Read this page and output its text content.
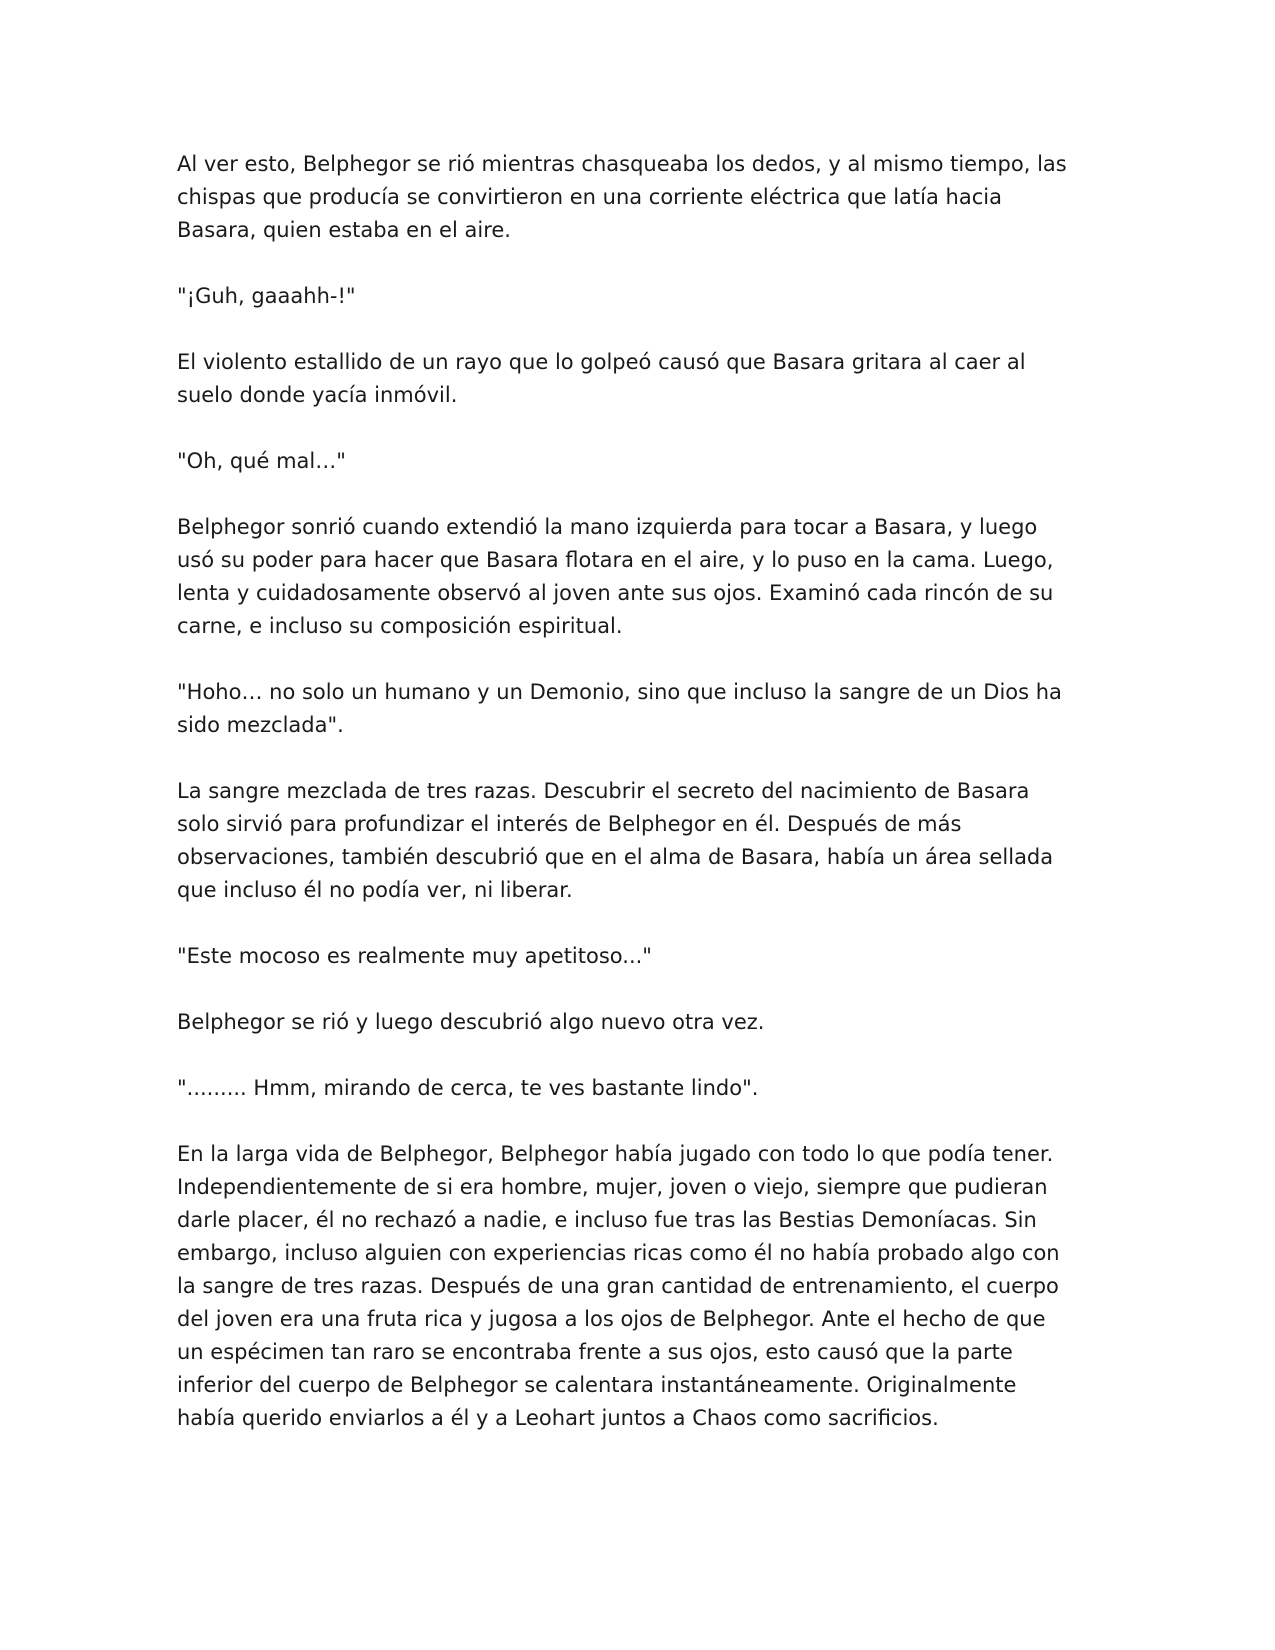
Al ver esto, Belphegor se rió mientras chasqueaba los dedos, y al mismo tiempo, las chispas que producía se convirtieron en una corriente eléctrica que latía hacia Basara, quien estaba en el aire.

"¡Guh, gaaahh-!"

El violento estallido de un rayo que lo golpeó causó que Basara gritara al caer al suelo donde yacía inmóvil.

"Oh, qué mal…"

Belphegor sonrió cuando extendió la mano izquierda para tocar a Basara, y luego usó su poder para hacer que Basara flotara en el aire, y lo puso en la cama. Luego, lenta y cuidadosamente observó al joven ante sus ojos. Examinó cada rincón de su carne, e incluso su composición espiritual.

"Hoho… no solo un humano y un Demonio, sino que incluso la sangre de un Dios ha sido mezclada".

La sangre mezclada de tres razas. Descubrir el secreto del nacimiento de Basara solo sirvió para profundizar el interés de Belphegor en él. Después de más observaciones, también descubrió que en el alma de Basara, había un área sellada que incluso él no podía ver, ni liberar.

"Este mocoso es realmente muy apetitoso..."

Belphegor se rió y luego descubrió algo nuevo otra vez.

"......... Hmm, mirando de cerca, te ves bastante lindo".

En la larga vida de Belphegor, Belphegor había jugado con todo lo que podía tener. Independientemente de si era hombre, mujer, joven o viejo, siempre que pudieran darle placer, él no rechazó a nadie, e incluso fue tras las Bestias Demoníacas. Sin embargo, incluso alguien con experiencias ricas como él no había probado algo con la sangre de tres razas. Después de una gran cantidad de entrenamiento, el cuerpo del joven era una fruta rica y jugosa a los ojos de Belphegor. Ante el hecho de que un espécimen tan raro se encontraba frente a sus ojos, esto causó que la parte inferior del cuerpo de Belphegor se calentara instantáneamente. Originalmente había querido enviarlos a él y a Leohart juntos a Chaos como sacrificios.
